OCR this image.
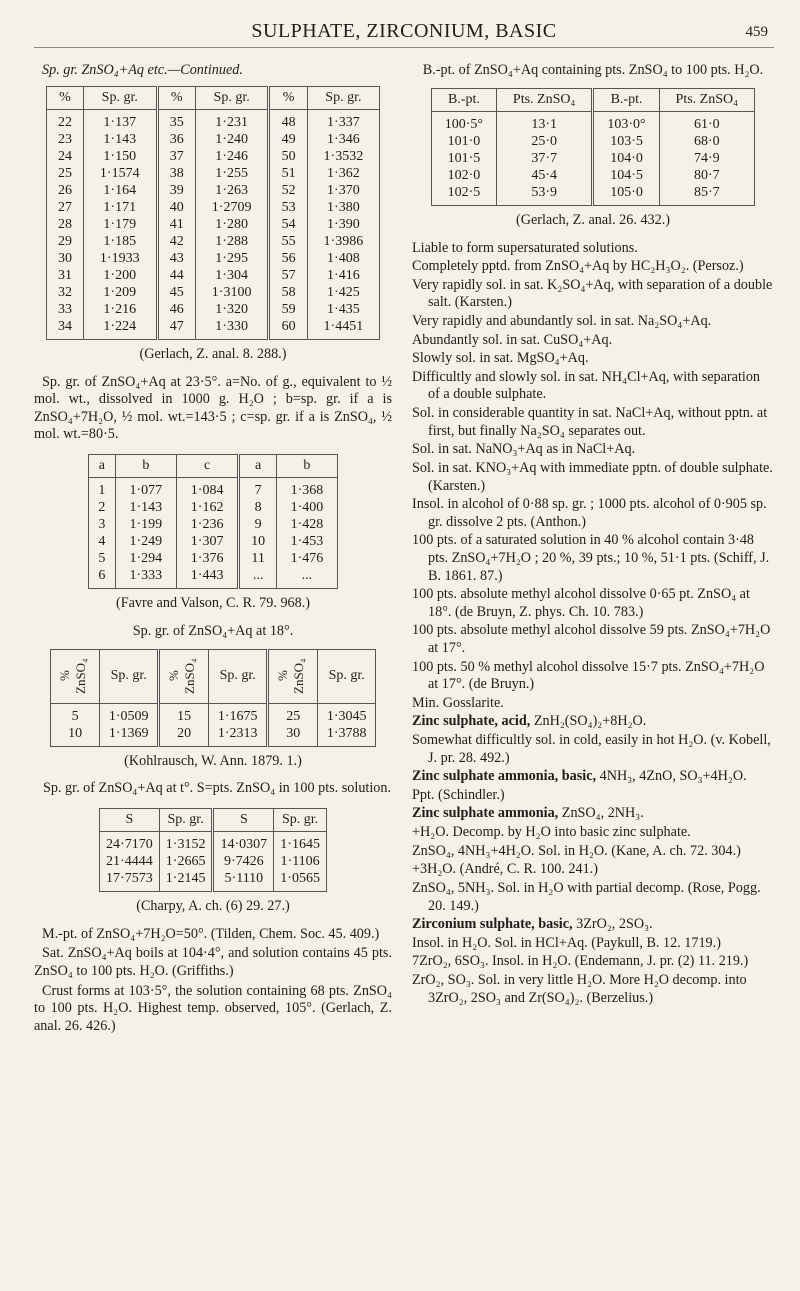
SULPHATE, ZIRCONIUM, BASIC	459
Sp. gr. ZnSO₄+Aq etc.—Continued.
%	Sp. gr.	%	Sp. gr.	%	Sp. gr.
22	1·137	35	1·231	48	1·337
23	1·143	36	1·240	49	1·346
24	1·150	37	1·246	50	1·3532
25	1·1574	38	1·255	51	1·362
26	1·164	39	1·263	52	1·370
27	1·171	40	1·2709	53	1·380
28	1·179	41	1·280	54	1·390
29	1·185	42	1·288	55	1·3986
30	1·1933	43	1·295	56	1·408
31	1·200	44	1·304	57	1·416
32	1·209	45	1·3100	58	1·425
33	1·216	46	1·320	59	1·435
34	1·224	47	1·330	60	1·4451
(Gerlach, Z. anal. 8. 288.)
Sp. gr. of ZnSO₄+Aq at 23·5°. a=No. of g., equivalent to ½ mol. wt., dissolved in 1000 g. H₂O ; b=sp. gr. if a is ZnSO₄+7H₂O, ½ mol. wt.=143·5 ; c=sp. gr. if a is ZnSO₄, ½ mol. wt.=80·5.
a	b	c	a	b
1	1·077	1·084	7	1·368
2	1·143	1·162	8	1·400
3	1·199	1·236	9	1·428
4	1·249	1·307	10	1·453
5	1·294	1·376	11	1·476
6	1·333	1·443	...	...
(Favre and Valson, C. R. 79. 968.)
Sp. gr. of ZnSO₄+Aq at 18°.
% ZnSO₄	Sp. gr.	% ZnSO₄	Sp. gr.	% ZnSO₄	Sp. gr.
5	1·0509	15	1·1675	25	1·3045
10	1·1369	20	1·2313	30	1·3788
(Kohlrausch, W. Ann. 1879. 1.)
Sp. gr. of ZnSO₄+Aq at t°. S=pts. ZnSO₄ in 100 pts. solution.
S	Sp. gr.	S	Sp. gr.
24·7170	1·3152	14·0307	1·1645
21·4444	1·2665	9·7426	1·1106
17·7573	1·2145	5·1110	1·0565
(Charpy, A. ch. (6) 29. 27.)
M.-pt. of ZnSO₄+7H₂O=50°. (Tilden, Chem. Soc. 45. 409.)
Sat. ZnSO₄+Aq boils at 104·4°, and solution contains 45 pts. ZnSO₄ to 100 pts. H₂O. (Griffiths.)
Crust forms at 103·5°, the solution containing 68 pts. ZnSO₄ to 100 pts. H₂O. Highest temp. observed, 105°. (Gerlach, Z. anal. 26. 426.)
B.-pt. of ZnSO₄+Aq containing pts. ZnSO₄ to 100 pts. H₂O.
B.-pt.	Pts. ZnSO₄	B.-pt.	Pts. ZnSO₄
100·5°	13·1	103·0°	61·0
101·0	25·0	103·5	68·0
101·5	37·7	104·0	74·9
102·0	45·4	104·5	80·7
102·5	53·9	105·0	85·7
(Gerlach, Z. anal. 26. 432.)
Liable to form supersaturated solutions.
Completely pptd. from ZnSO₄+Aq by HC₂H₃O₂. (Persoz.)
Very rapidly sol. in sat. K₂SO₄+Aq, with separation of a double salt. (Karsten.)
Very rapidly and abundantly sol. in sat. Na₂SO₄+Aq.
Abundantly sol. in sat. CuSO₄+Aq.
Slowly sol. in sat. MgSO₄+Aq.
Difficultly and slowly sol. in sat. NH₄Cl+Aq, with separation of a double sulphate.
Sol. in considerable quantity in sat. NaCl+Aq, without pptn. at first, but finally Na₂SO₄ separates out.
Sol. in sat. NaNO₃+Aq as in NaCl+Aq.
Sol. in sat. KNO₃+Aq with immediate pptn. of double sulphate. (Karsten.)
Insol. in alcohol of 0·88 sp. gr. ; 1000 pts. alcohol of 0·905 sp. gr. dissolve 2 pts. (Anthon.)
100 pts. of a saturated solution in 40 % alcohol contain 3·48 pts. ZnSO₄+7H₂O ; 20 %, 39 pts.; 10 %, 51·1 pts. (Schiff, J. B. 1861. 87.)
100 pts. absolute methyl alcohol dissolve 0·65 pt. ZnSO₄ at 18°. (de Bruyn, Z. phys. Ch. 10. 783.)
100 pts. absolute methyl alcohol dissolve 59 pts. ZnSO₄+7H₂O at 17°.
100 pts. 50 % methyl alcohol dissolve 15·7 pts. ZnSO₄+7H₂O at 17°. (de Bruyn.)
Min. Gosslarite.
Zinc sulphate, acid, ZnH₂(SO₄)₂+8H₂O.
Somewhat difficultly sol. in cold, easily in hot H₂O. (v. Kobell, J. pr. 28. 492.)
Zinc sulphate ammonia, basic, 4NH₃, 4ZnO, SO₃+4H₂O.
Ppt. (Schindler.)
Zinc sulphate ammonia, ZnSO₄, 2NH₃.
+H₂O. Decomp. by H₂O into basic zinc sulphate.
ZnSO₄, 4NH₃+4H₂O. Sol. in H₂O. (Kane, A. ch. 72. 304.)
+3H₂O. (André, C. R. 100. 241.)
ZnSO₄, 5NH₃. Sol. in H₂O with partial decomp. (Rose, Pogg. 20. 149.)
Zirconium sulphate, basic, 3ZrO₂, 2SO₃.
Insol. in H₂O. Sol. in HCl+Aq. (Paykull, B. 12. 1719.)
7ZrO₂, 6SO₃. Insol. in H₂O. (Endemann, J. pr. (2) 11. 219.)
ZrO₂, SO₃. Sol. in very little H₂O. More H₂O decomp. into 3ZrO₂, 2SO₃ and Zr(SO₄)₂. (Berzelius.)
